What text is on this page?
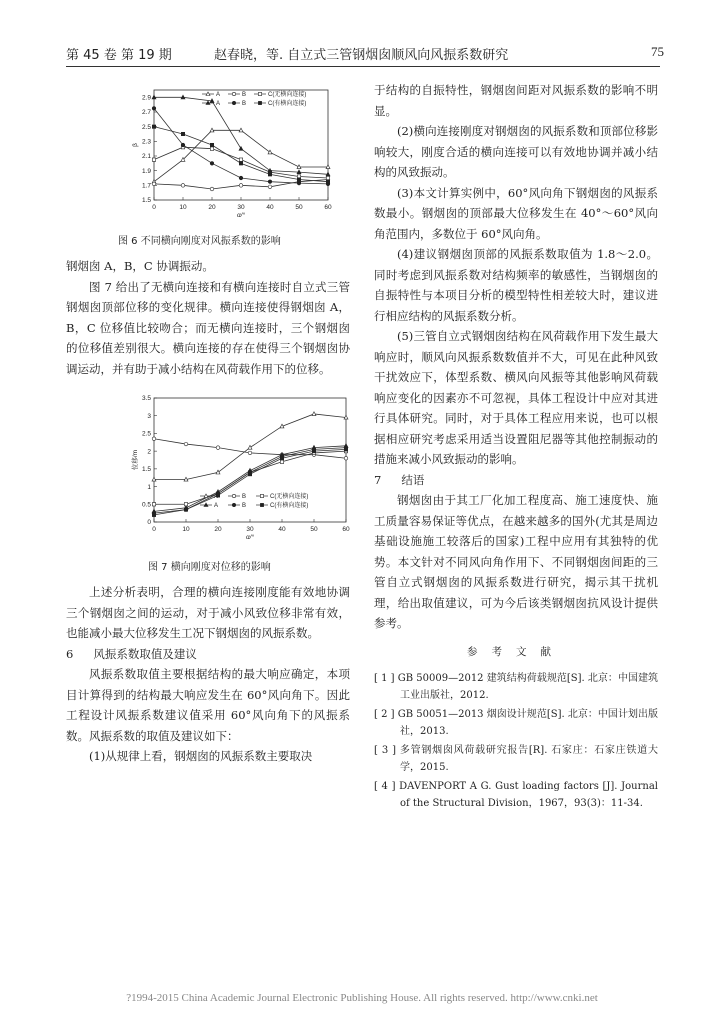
第 45 卷 第 19 期	赵春晓，等. 自立式三管钢烟囱顺风向风振系数研究	75
0	10	20	30	40	50	60
1.5
1.7
1.9
2.1
2.3
2.5
2.7
2.9
α/°
β
A	B	C(无横向连接)
A	B	C(有横向连接)
图 6 不同横向刚度对风振系数的影响

钢烟囱 A，B，C 协调振动。

图 7 给出了无横向连接和有横向连接时自立式三管钢烟囱顶部位移的变化规律。横向连接使得钢烟囱 A，B，C 位移值比较吻合；而无横向连接时，三个钢烟囱的位移值差别很大。横向连接的存在使得三个钢烟囱协调运动，并有助于减小结构在风荷载作用下的位移。

0	10	20	30	40	50	60
0
0.5
1
1.5
2
2.5
3
3.5
α/°
位移/m
A	B	C(无横向连接)
A	B	C(有横向连接)
图 7 横向刚度对位移的影响

上述分析表明，合理的横向连接刚度能有效地协调三个钢烟囱之间的运动，对于减小风致位移非常有效，也能减小最大位移发生工况下钢烟囱的风振系数。

6 风振系数取值及建议

风振系数取值主要根据结构的最大响应确定，本项目计算得到的结构最大响应发生在 60°风向角下。因此工程设计风振系数建议值采用 60°风向角下的风振系数。风振系数的取值及建议如下：

(1)从规律上看，钢烟囱的风振系数主要取决

于结构的自振特性，钢烟囱间距对风振系数的影响不明显。

(2)横向连接刚度对钢烟囱的风振系数和顶部位移影响较大，刚度合适的横向连接可以有效地协调并减小结构的风致振动。

(3)本文计算实例中，60°风向角下钢烟囱的风振系数最小。钢烟囱的顶部最大位移发生在 40°～60°风向角范围内，多数位于 60°风向角。

(4)建议钢烟囱顶部的风振系数取值为 1.8～2.0。同时考虑到风振系数对结构频率的敏感性，当钢烟囱的自振特性与本项目分析的模型特性相差较大时，建议进行相应结构的风振系数分析。

(5)三管自立式钢烟囱结构在风荷载作用下发生最大响应时，顺风向风振系数数值并不大，可见在此种风致干扰效应下，体型系数、横风向风振等其他影响风荷载响应变化的因素亦不可忽视，具体工程设计中应对其进行具体研究。同时，对于具体工程应用来说，也可以根据相应研究考虑采用适当设置阻尼器等其他控制振动的措施来减小风致振动的影响。

7 结语

钢烟囱由于其工厂化加工程度高、施工速度快、施工质量容易保证等优点，在越来越多的国外(尤其是周边基础设施施工较落后的国家)工程中应用有其独特的优势。本文针对不同风向角作用下、不同钢烟囱间距的三管自立式钢烟囱的风振系数进行研究，揭示其干扰机理，给出取值建议，可为今后该类钢烟囱抗风设计提供参考。

参考文献
[ 1 ] GB 50009—2012 建筑结构荷载规范[S]. 北京：中国建筑工业出版社，2012.
[ 2 ] GB 50051—2013 烟囱设计规范[S]. 北京：中国计划出版社，2013.
[ 3 ] 多管钢烟囱风荷载研究报告[R]. 石家庄：石家庄铁道大学，2015.
[ 4 ] DAVENPORT A G. Gust loading factors [J]. Journal of the Structural Division，1967，93(3)：11-34.
?1994-2015 China Academic Journal Electronic Publishing House. All rights reserved. http://www.cnki.net
